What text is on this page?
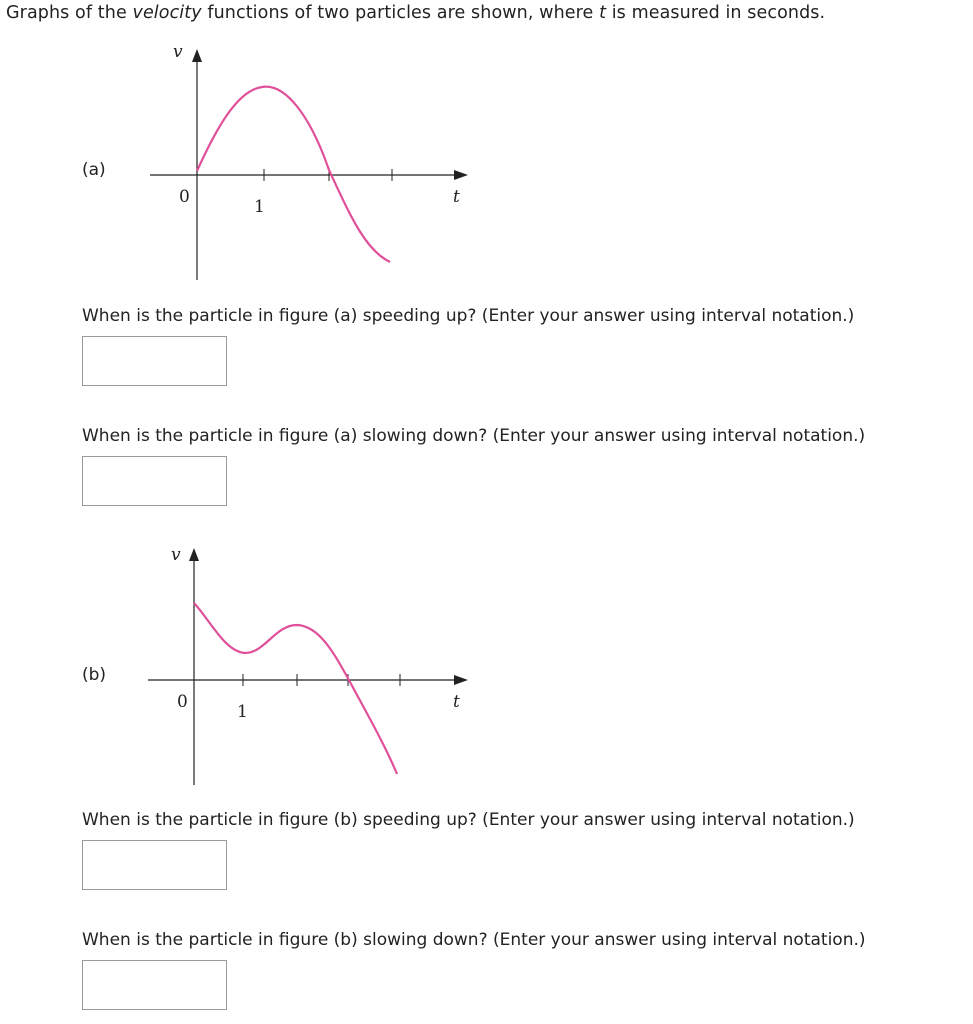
Graphs of the velocity functions of two particles are shown, where t is measured in seconds.
(a)
v
0	1	t
When is the particle in figure (a) speeding up? (Enter your answer using interval notation.)
When is the particle in figure (a) slowing down? (Enter your answer using interval notation.)
(b)
v
0	1	t
When is the particle in figure (b) speeding up? (Enter your answer using interval notation.)
When is the particle in figure (b) slowing down? (Enter your answer using interval notation.)
